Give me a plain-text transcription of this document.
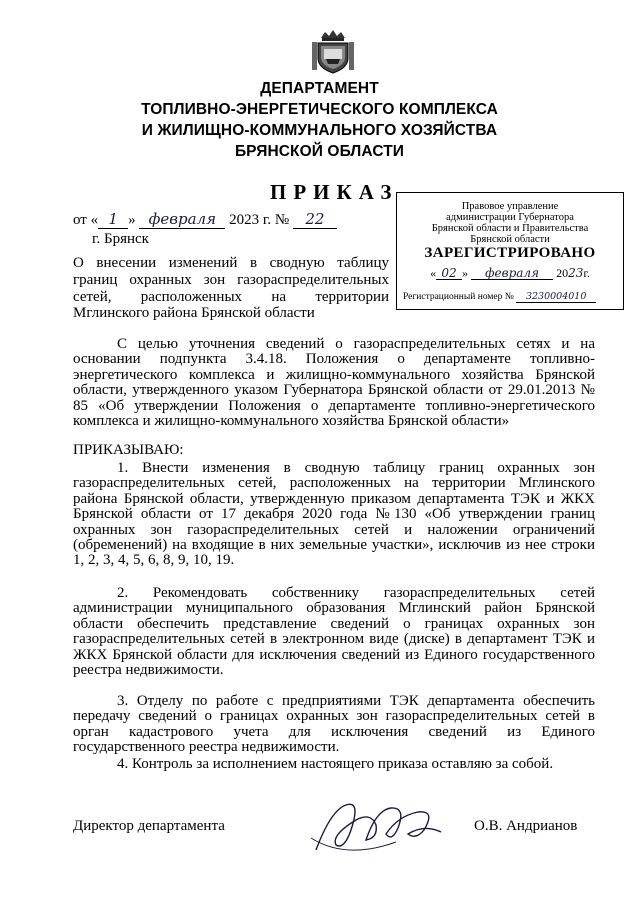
ДЕПАРТАМЕНТ
ТОПЛИВНО-ЭНЕРГЕТИЧЕСКОГО КОМПЛЕКСА
И ЖИЛИЩНО-КОММУНАЛЬНОГО ХОЗЯЙСТВА
БРЯНСКОЙ ОБЛАСТИ
ПРИКАЗ
от « 1 » февраля 2023 г. № 22
г. Брянск
Правовое управление
администрации Губернатора
Брянской области и Правительства
Брянской области
ЗАРЕГИСТРИРОВАНО
« 02 » февраля 2023г.
Регистрационный номер № 3230004010
О внесении изменений в сводную таблицу границ охранных зон газораспределительных сетей, расположенных на территории Мглинского района Брянской области
С целью уточнения сведений о газораспределительных сетях и на основании подпункта 3.4.18. Положения о департаменте топливно-энергетического комплекса и жилищно-коммунального хозяйства Брянской области, утвержденного указом Губернатора Брянской области от 29.01.2013 № 85 «Об утверждении Положения о департаменте топливно-энергетического комплекса и жилищно-коммунального хозяйства Брянской области»
ПРИКАЗЫВАЮ:
1. Внести изменения в сводную таблицу границ охранных зон газораспределительных сетей, расположенных на территории Мглинского района Брянской области, утвержденную приказом департамента ТЭК и ЖКХ Брянской области от 17 декабря 2020 года №130 «Об утверждении границ охранных зон газораспределительных сетей и наложении ограничений (обременений) на входящие в них земельные участки», исключив из нее строки 1, 2, 3, 4, 5, 6, 8, 9, 10, 19.
2. Рекомендовать собственнику газораспределительных сетей администрации муниципального образования Мглинский район Брянской области обеспечить представление сведений о границах охранных зон газораспределительных сетей в электронном виде (диске) в департамент ТЭК и ЖКХ Брянской области для исключения сведений из Единого государственного реестра недвижимости.
3. Отделу по работе с предприятиями ТЭК департамента обеспечить передачу сведений о границах охранных зон газораспределительных сетей в орган кадастрового учета для исключения сведений из Единого государственного реестра недвижимости.
4. Контроль за исполнением настоящего приказа оставляю за собой.
Директор департамента	О.В. Андрианов
